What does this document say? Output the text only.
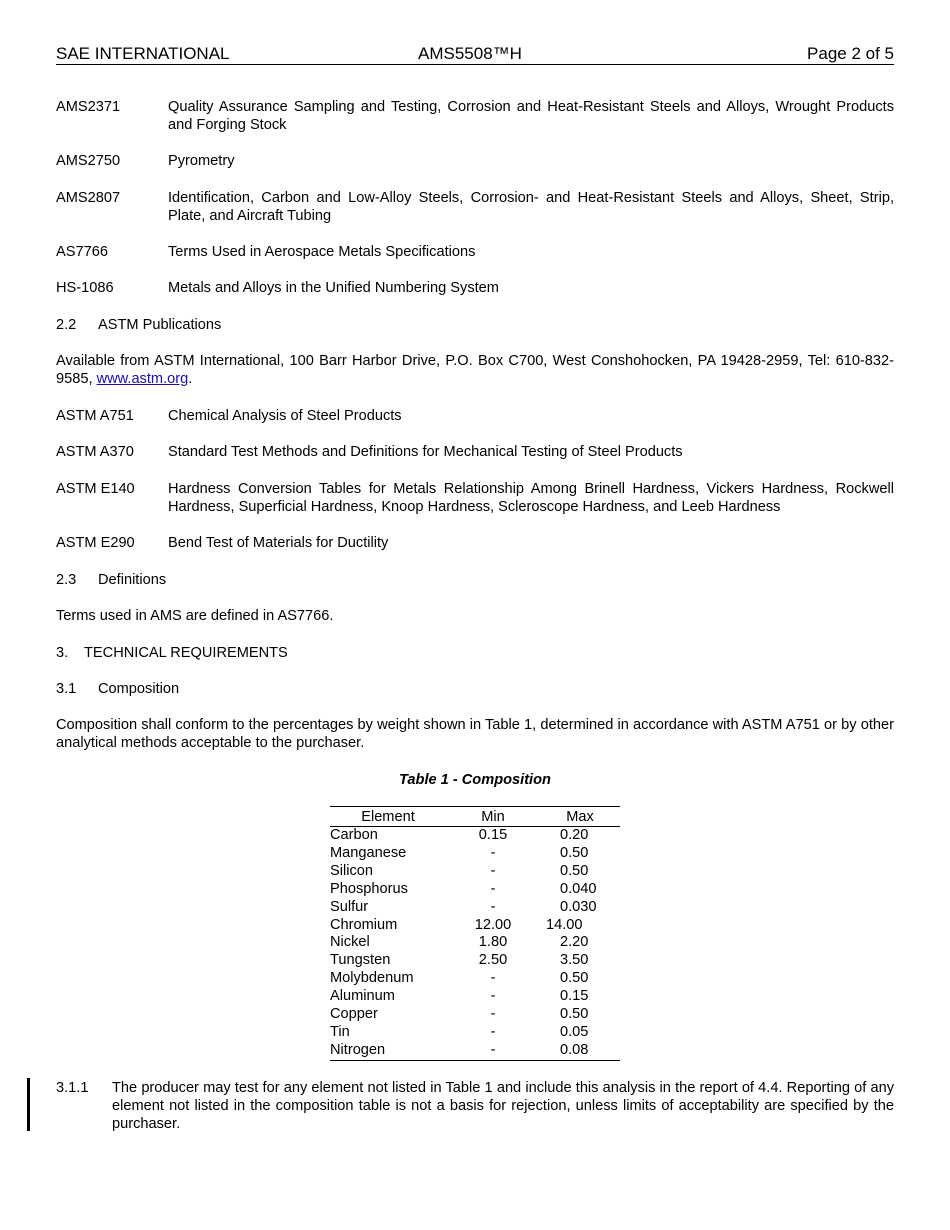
SAE INTERNATIONAL	AMS5508™H	Page 2 of 5
AMS2371	Quality Assurance Sampling and Testing, Corrosion and Heat-Resistant Steels and Alloys, Wrought Products and Forging Stock
AMS2750	Pyrometry
AMS2807	Identification, Carbon and Low-Alloy Steels, Corrosion- and Heat-Resistant Steels and Alloys, Sheet, Strip, Plate, and Aircraft Tubing
AS7766	Terms Used in Aerospace Metals Specifications
HS-1086	Metals and Alloys in the Unified Numbering System
2.2 ASTM Publications
Available from ASTM International, 100 Barr Harbor Drive, P.O. Box C700, West Conshohocken, PA 19428-2959, Tel: 610-832-9585, www.astm.org.
ASTM A751 Chemical Analysis of Steel Products
ASTM A370 Standard Test Methods and Definitions for Mechanical Testing of Steel Products
ASTM E140 Hardness Conversion Tables for Metals Relationship Among Brinell Hardness, Vickers Hardness, Rockwell Hardness, Superficial Hardness, Knoop Hardness, Scleroscope Hardness, and Leeb Hardness
ASTM E290 Bend Test of Materials for Ductility
2.3 Definitions
Terms used in AMS are defined in AS7766.
3. TECHNICAL REQUIREMENTS
3.1 Composition
Composition shall conform to the percentages by weight shown in Table 1, determined in accordance with ASTM A751 or by other analytical methods acceptable to the purchaser.
Table 1 - Composition
Element	Min	Max
Carbon	0.15	0.20
Manganese	-	0.50
Silicon	-	0.50
Phosphorus	-	0.040
Sulfur	-	0.030
Chromium	12.00	14.00
Nickel	1.80	2.20
Tungsten	2.50	3.50
Molybdenum	-	0.50
Aluminum	-	0.15
Copper	-	0.50
Tin	-	0.05
Nitrogen	-	0.08
3.1.1 The producer may test for any element not listed in Table 1 and include this analysis in the report of 4.4. Reporting of any element not listed in the composition table is not a basis for rejection, unless limits of acceptability are specified by the purchaser.
